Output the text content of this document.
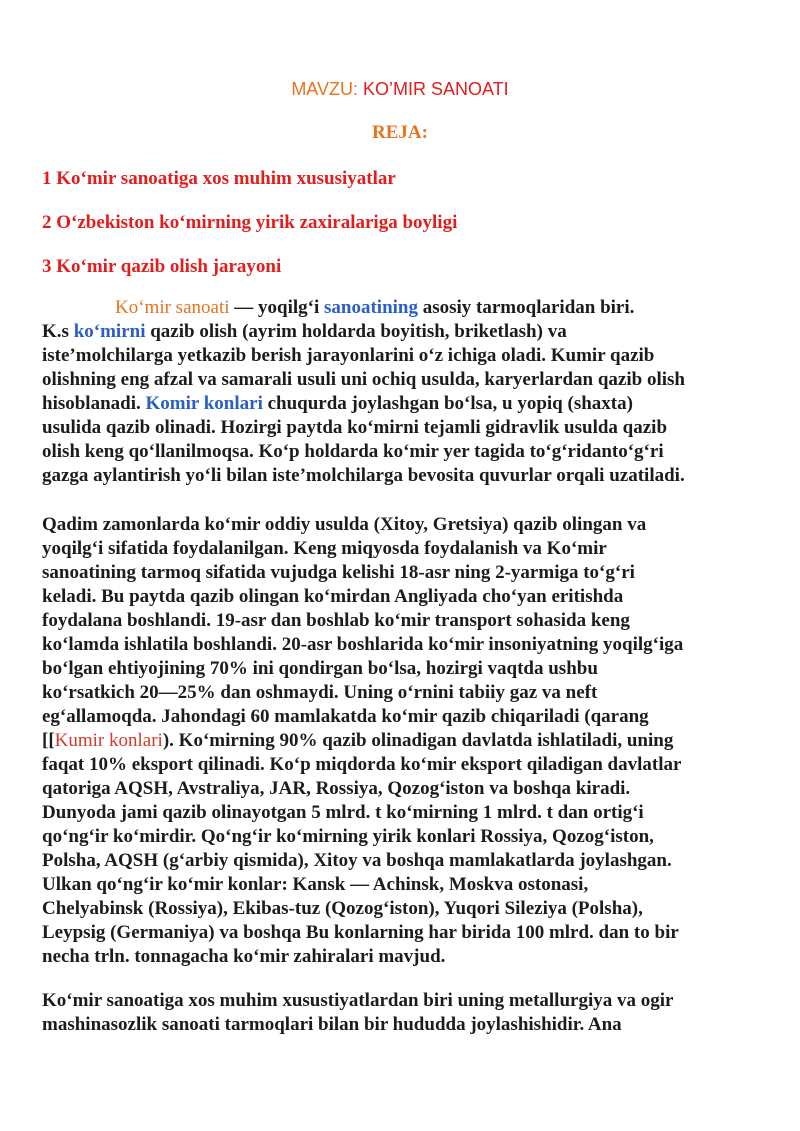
MAVZU: KO’MIR SANOATI
REJA:
1 Ko‘mir sanoatiga xos muhim xususiyatlar
2 O‘zbekiston ko‘mirning yirik zaxiralariga boyligi
3 Ko‘mir qazib olish jarayoni
Ko‘mir sanoati — yoqilg‘i sanoatining asosiy tarmoqlaridan biri.
K.s ko‘mirni qazib olish (ayrim holdarda boyitish, briketlash) va
iste’molchilarga yetkazib berish jarayonlarini o‘z ichiga oladi. Kumir qazib
olishning eng afzal va samarali usuli uni ochiq usulda, karyerlardan qazib olish
hisoblanadi. Komir konlari chuqurda joylashgan bo‘lsa, u yopiq (shaxta)
usulida qazib olinadi. Hozirgi paytda ko‘mirni tejamli gidravlik usulda qazib
olish keng qo‘llanilmoqsa. Ko‘p holdarda ko‘mir yer tagida to‘g‘ridanto‘g‘ri
gazga aylantirish yo‘li bilan iste’molchilarga bevosita quvurlar orqali uzatiladi.
Qadim zamonlarda ko‘mir oddiy usulda (Xitoy, Gretsiya) qazib olingan va
yoqilg‘i sifatida foydalanilgan. Keng miqyosda foydalanish va Ko‘mir
sanoatining tarmoq sifatida vujudga kelishi 18-asr ning 2-yarmiga to‘g‘ri
keladi. Bu paytda qazib olingan ko‘mirdan Angliyada cho‘yan eritishda
foydalana boshlandi. 19-asr dan boshlab ko‘mir transport sohasida keng
ko‘lamda ishlatila boshlandi. 20-asr boshlarida ko‘mir insoniyatning yoqilg‘iga
bo‘lgan ehtiyojining 70% ini qondirgan bo‘lsa, hozirgi vaqtda ushbu
ko‘rsatkich 20—25% dan oshmaydi. Uning o‘rnini tabiiy gaz va neft
eg‘allamoqda. Jahondagi 60 mamlakatda ko‘mir qazib chiqariladi (qarang
[[Kumir konlari). Ko‘mirning 90% qazib olinadigan davlatda ishlatiladi, uning
faqat 10% eksport qilinadi. Ko‘p miqdorda ko‘mir eksport qiladigan davlatlar
qatoriga AQSH, Avstraliya, JAR, Rossiya, Qozog‘iston va boshqa kiradi.
Dunyoda jami qazib olinayotgan 5 mlrd. t ko‘mirning 1 mlrd. t dan ortig‘i
qo‘ng‘ir ko‘mirdir. Qo‘ng‘ir ko‘mirning yirik konlari Rossiya, Qozog‘iston,
Polsha, AQSH (g‘arbiy qismida), Xitoy va boshqa mamlakatlarda joylashgan.
Ulkan qo‘ng‘ir ko‘mir konlar: Kansk — Achinsk, Moskva ostonasi,
Chelyabinsk (Rossiya), Ekibas-tuz (Qozog‘iston), Yuqori Sileziya (Polsha),
Leypsig (Germaniya) va boshqa Bu konlarning har birida 100 mlrd. dan to bir
necha trln. tonnagacha ko‘mir zahiralari mavjud.
Ko‘mir sanoatiga xos muhim xusustiyatlardan biri uning metallurgiya va ogir
mashinasozlik sanoati tarmoqlari bilan bir hududda joylashishidir. Ana
